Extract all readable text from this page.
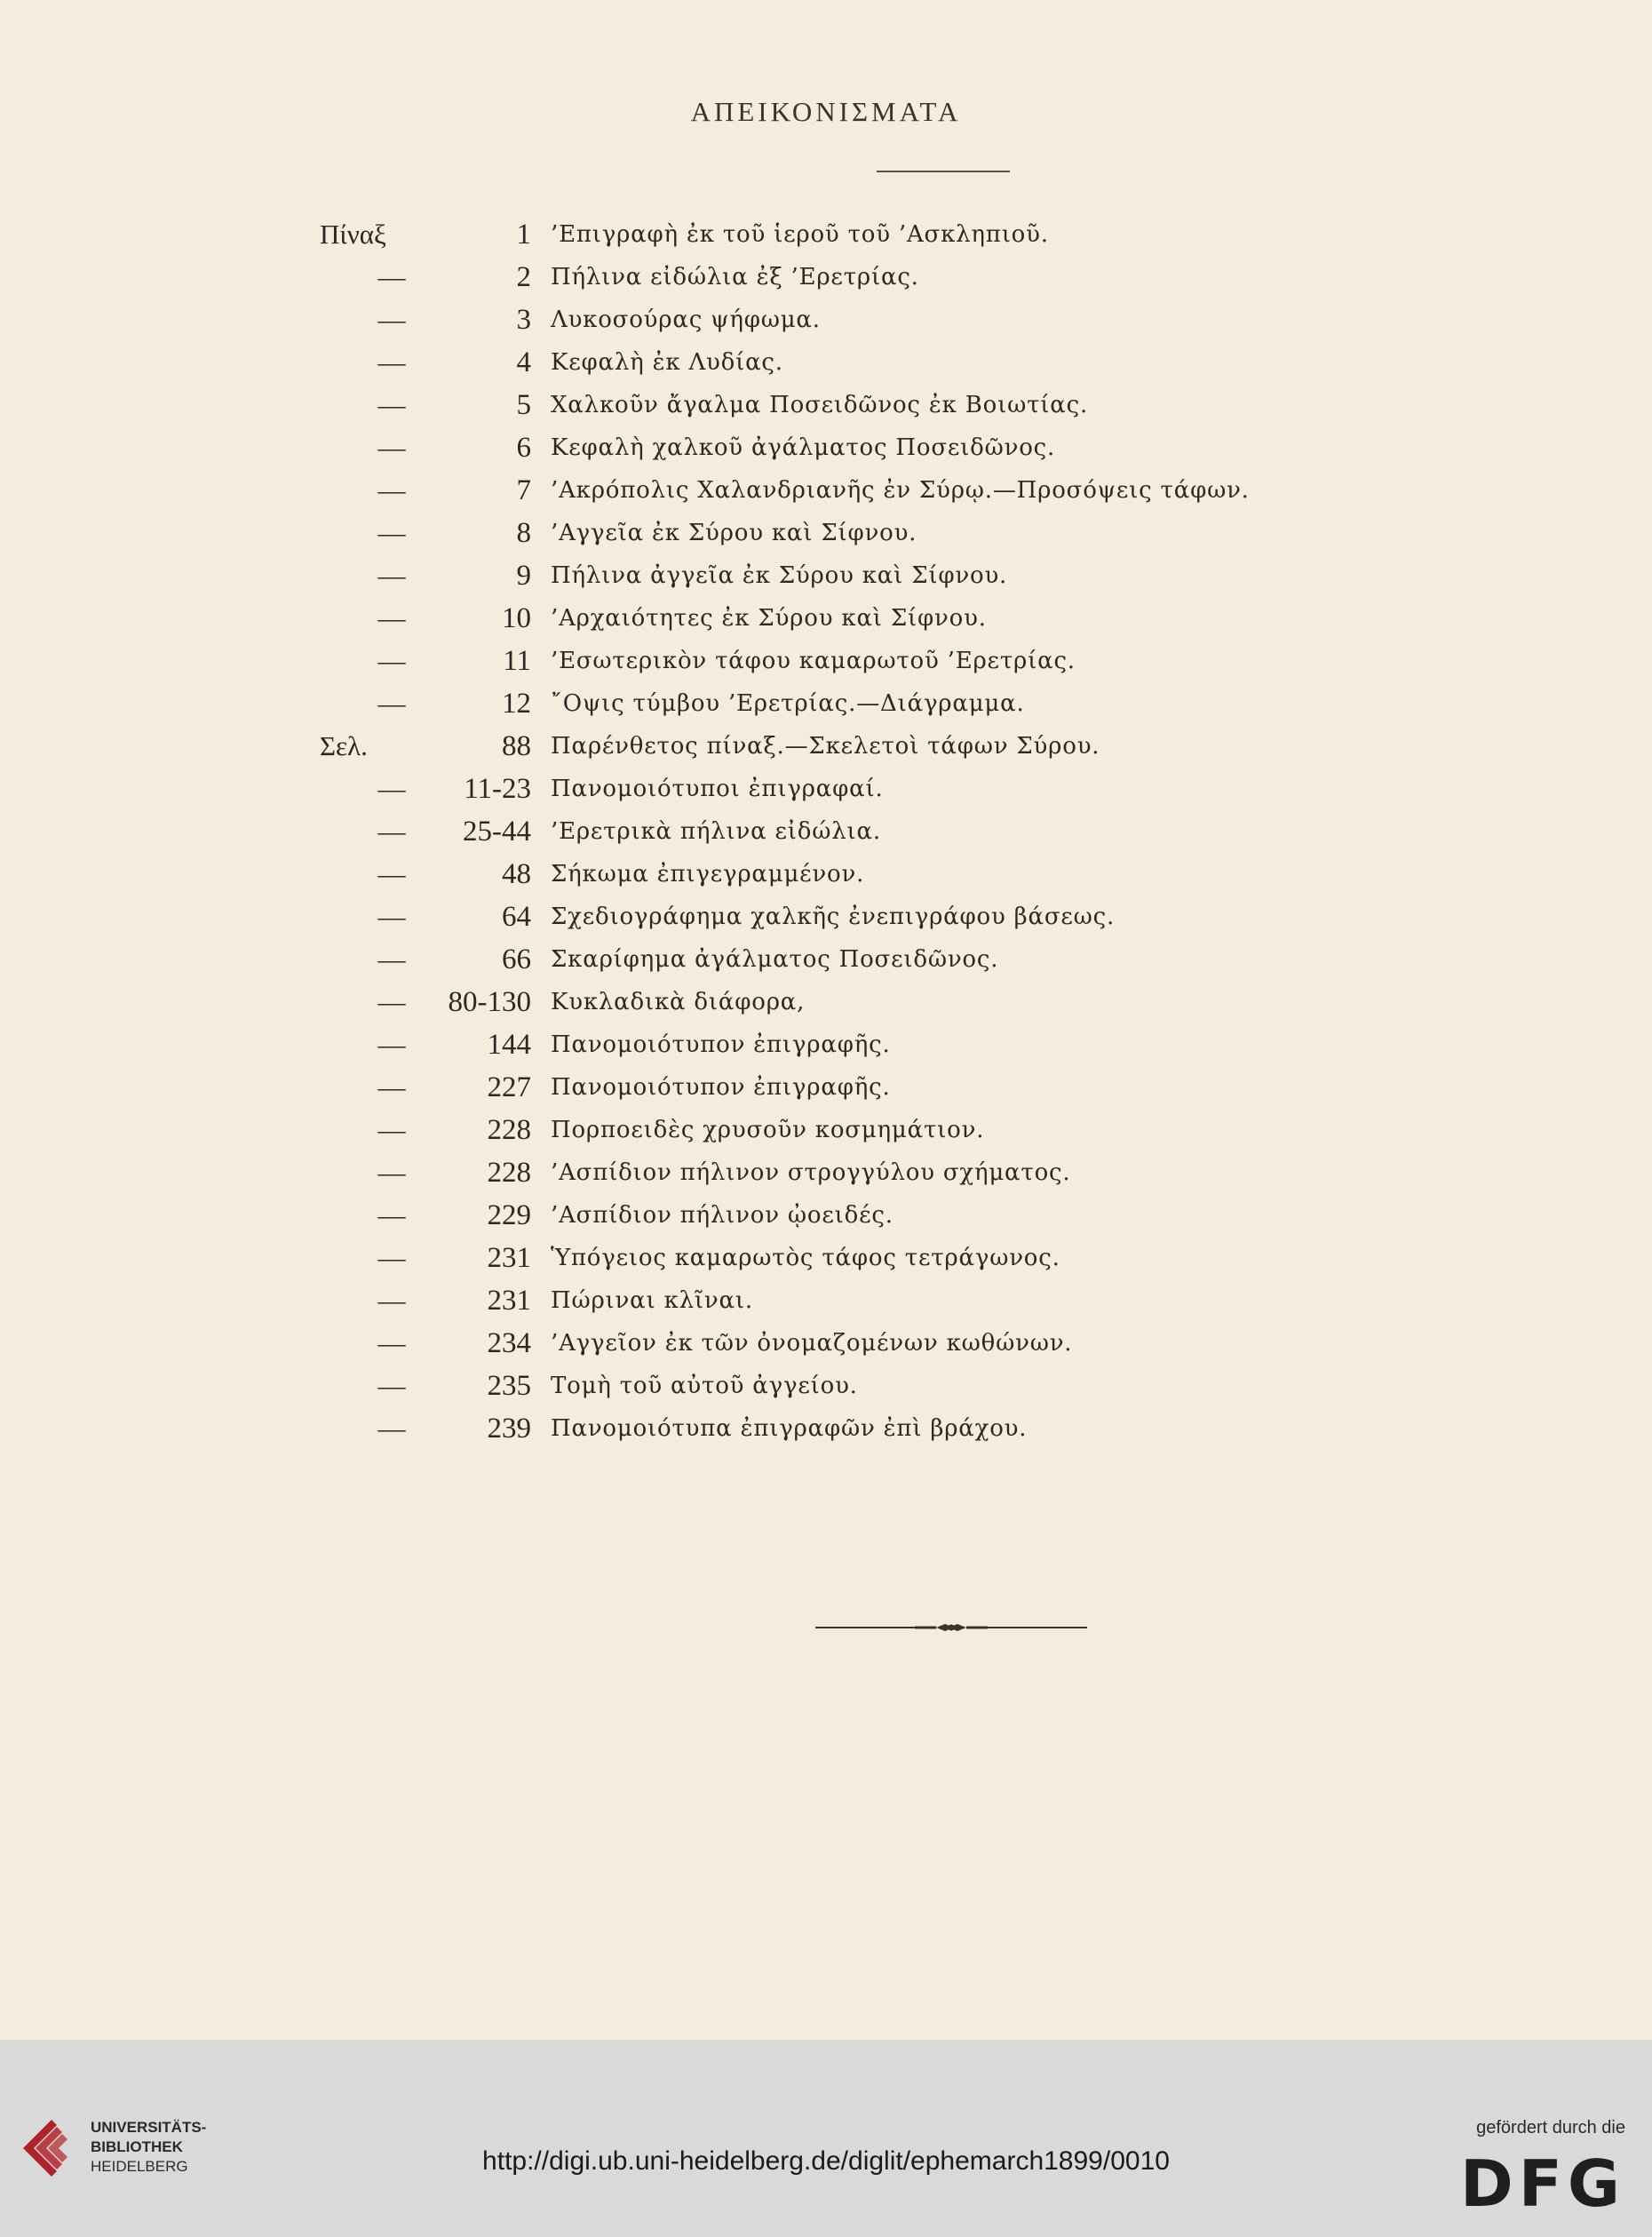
ΑΠΕΙΚΟΝΙΣΜΑΤΑ
Πίναξ	1 ’Επιγραφὴ ἐκ τοῦ ἱεροῦ τοῦ ’Ασκληπιοῦ.
—	2 Πήλινα εἰδώλια ἐξ ’Ερετρίας.
—	3 Λυκοσούρας ψήφωμα.
—	4 Κεφαλὴ ἐκ Λυδίας.
—	5 Χαλκοῦν ἄγαλμα Ποσειδῶνος ἐκ Βοιωτίας.
—	6 Κεφαλὴ χαλκοῦ ἀγάλματος Ποσειδῶνος.
—	7 ’Ακρόπολις Χαλανδριανῆς ἐν Σύρῳ.—Προσόψεις τάφων.
—	8 ’Αγγεῖα ἐκ Σύρου καὶ Σίφνου.
—	9 Πήλινα ἀγγεῖα ἐκ Σύρου καὶ Σίφνου.
—	10 ’Αρχαιότητες ἐκ Σύρου καὶ Σίφνου.
—	11 ’Εσωτερικὸν τάφου καμαρωτοῦ ’Ερετρίας.
—	12 ῎Οψις τύμβου ’Ερετρίας.—Διάγραμμα.
Σελ.	88 Παρένθετος πίναξ.—Σκελετοὶ τάφων Σύρου.
—	11-23 Πανομοιότυποι ἐπιγραφαί.
—	25-44 ’Ερετρικὰ πήλινα εἰδώλια.
—	48 Σήκωμα ἐπιγεγραμμένον.
—	64 Σχεδιογράφημα χαλκῆς ἐνεπιγράφου βάσεως.
—	66 Σκαρίφημα ἀγάλματος Ποσειδῶνος.
—	80-130 Κυκλαδικὰ διάφορα,
—	144 Πανομοιότυπον ἐπιγραφῆς.
—	227 Πανομοιότυπον ἐπιγραφῆς.
—	228 Πορποειδὲς χρυσοῦν κοσμημάτιον.
—	228 ’Ασπίδιον πήλινον στρογγύλου σχήματος.
—	229 ’Ασπίδιον πήλινον ᾠοειδές.
—	231 Ὑπόγειος καμαρωτὸς τάφος τετράγωνος.
—	231 Πώριναι κλῖναι.
—	234 ’Αγγεῖον ἐκ τῶν ὀνομαζομένων κωθώνων.
—	235 Τομὴ τοῦ αὐτοῦ ἀγγείου.
—	239 Πανομοιότυπα ἐπιγραφῶν ἐπὶ βράχου.
UNIVERSITÄTS-
BIBLIOTHEK
HEIDELBERG	http://digi.ub.uni-heidelberg.de/diglit/ephemarch1899/0010
gefördert durch die
DFG
